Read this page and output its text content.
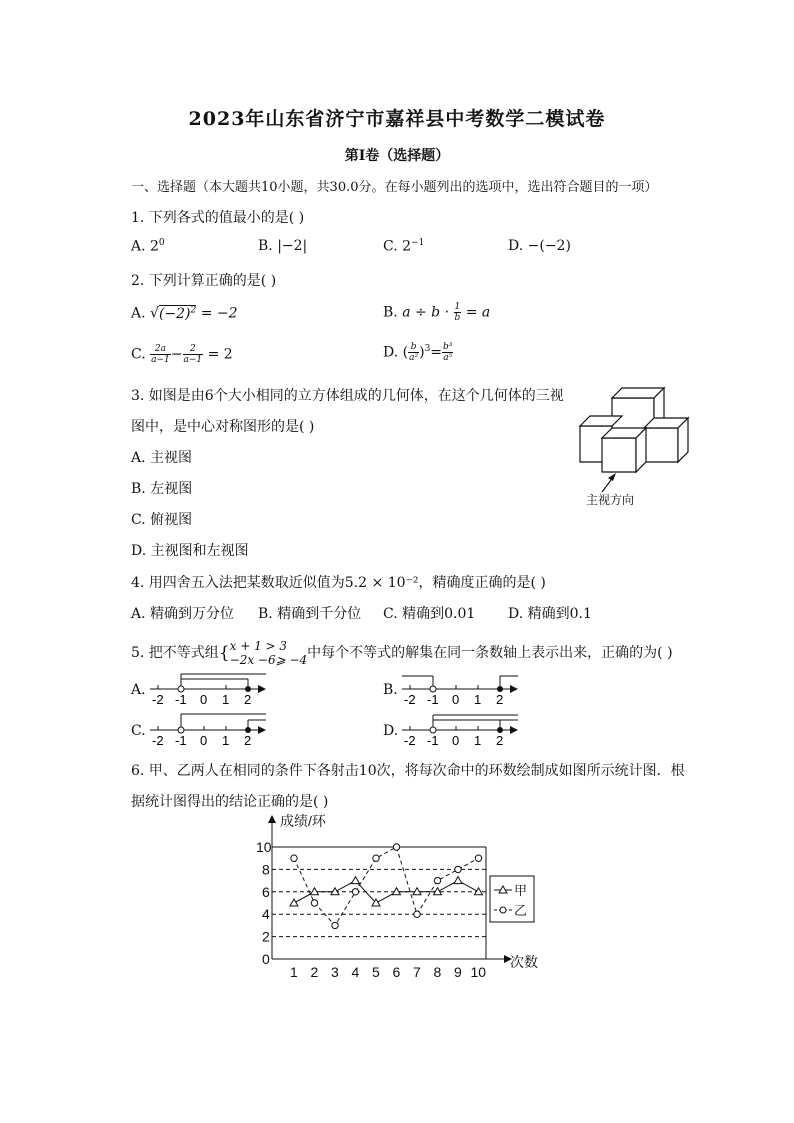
2023年山东省济宁市嘉祥县中考数学二模试卷
第I卷（选择题）
一、选择题（本大题共10小题，共30.0分。在每小题列出的选项中，选出符合题目的一项）
1. 下列各式的值最小的是( )
A. $2^0$	B. |−2|	C. $2^{-1}$	D. −(−2)
2. 下列计算正确的是( )
A. $√(-2)^2 = -2$	B. $a \div b \cdot \frac{1}{b} = a$
C. $\frac{2a}{a-1} - \frac{2}{a-1} = 2$	D. ( $\frac{b}{\text{a²}} )^3= \frac{\text{b³}}{\text{a⁵}}$
3. 如图是由6个大小相同的立方体组成的几何体，在这个几何体的三视
图中，是中心对称图形的是( )
A. 主视图
B. 左视图
C. 俯视图
D. 主视图和左视图
主视方向
4. 用四舍五入法把某数取近似值为5.2 × 10⁻²，精确度正确的是( )
A. 精确到万分位 B. 精确到千分位 C. 精确到0.01 D. 精确到0.1
5. 把不等式组{ x + 1 > 3
−2x −6⩾ −4 中每个不等式的解集在同一条数轴上表示出来，正确的为( )
A.	B.
C.	D.
-2 -1 0 1 2	-2 -1 0 1 2
-2 -1 0 1 2	-2 -1 0 1 2
6. 甲、乙两人在相同的条件下各射击10次，将每次命中的环数绘制成如图所示统计图．根
据统计图得出的结论正确的是( )
0
2
4
6
8
10
1 2 3 4 5 6 7 8 9 10
成绩/环
次数
甲
乙
